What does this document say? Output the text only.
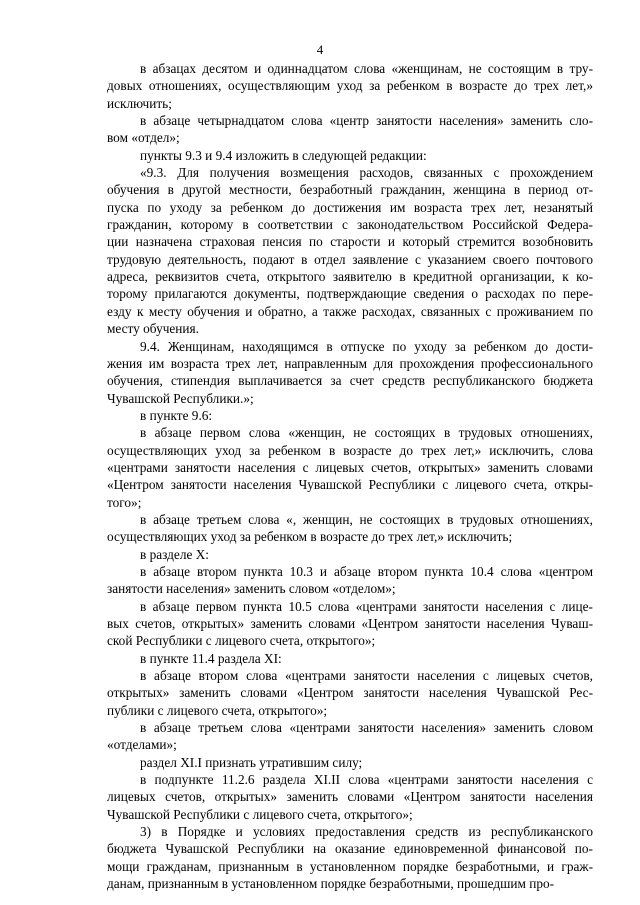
4
в абзацах десятом и одиннадцатом слова «женщинам, не состоящим в тру-
довых отношениях, осуществляющим уход за ребенком в возрасте до трех лет,»
исключить;
в абзаце четырнадцатом слова «центр занятости населения» заменить сло-
вом «отдел»;
пункты 9.3 и 9.4 изложить в следующей редакции:
«9.3. Для получения возмещения расходов, связанных с прохождением
обучения в другой местности, безработный гражданин, женщина в период от-
пуска по уходу за ребенком до достижения им возраста трех лет, незанятый
гражданин, которому в соответствии с законодательством Российской Федера-
ции назначена страховая пенсия по старости и который стремится возобновить
трудовую деятельность, подают в отдел заявление с указанием своего почтового
адреса, реквизитов счета, открытого заявителю в кредитной организации, к ко-
торому прилагаются документы, подтверждающие сведения о расходах по пере-
езду к месту обучения и обратно, а также расходах, связанных с проживанием по
месту обучения.
9.4. Женщинам, находящимся в отпуске по уходу за ребенком до дости-
жения им возраста трех лет, направленным для прохождения профессионального
обучения, стипендия выплачивается за счет средств республиканского бюджета
Чувашской Республики.»;
в пункте 9.6:
в абзаце первом слова «женщин, не состоящих в трудовых отношениях,
осуществляющих уход за ребенком в возрасте до трех лет,» исключить, слова
«центрами занятости населения с лицевых счетов, открытых» заменить словами
«Центром занятости населения Чувашской Республики с лицевого счета, откры-
того»;
в абзаце третьем слова «, женщин, не состоящих в трудовых отношениях,
осуществляющих уход за ребенком в возрасте до трех лет,» исключить;
в разделе X:
в абзаце втором пункта 10.3 и абзаце втором пункта 10.4 слова «центром
занятости населения» заменить словом «отделом»;
в абзаце первом пункта 10.5 слова «центрами занятости населения с лице-
вых счетов, открытых» заменить словами «Центром занятости населения Чуваш-
ской Республики с лицевого счета, открытого»;
в пункте 11.4 раздела XI:
в абзаце втором слова «центрами занятости населения с лицевых счетов,
открытых» заменить словами «Центром занятости населения Чувашской Рес-
публики с лицевого счета, открытого»;
в абзаце третьем слова «центрами занятости населения» заменить словом
«отделами»;
раздел XI.I признать утратившим силу;
в подпункте 11.2.6 раздела XI.II слова «центрами занятости населения с
лицевых счетов, открытых» заменить словами «Центром занятости населения
Чувашской Республики с лицевого счета, открытого»;
3) в Порядке и условиях предоставления средств из республиканского
бюджета Чувашской Республики на оказание единовременной финансовой по-
мощи гражданам, признанным в установленном порядке безработными, и граж-
данам, признанным в установленном порядке безработными, прошедшим про-
